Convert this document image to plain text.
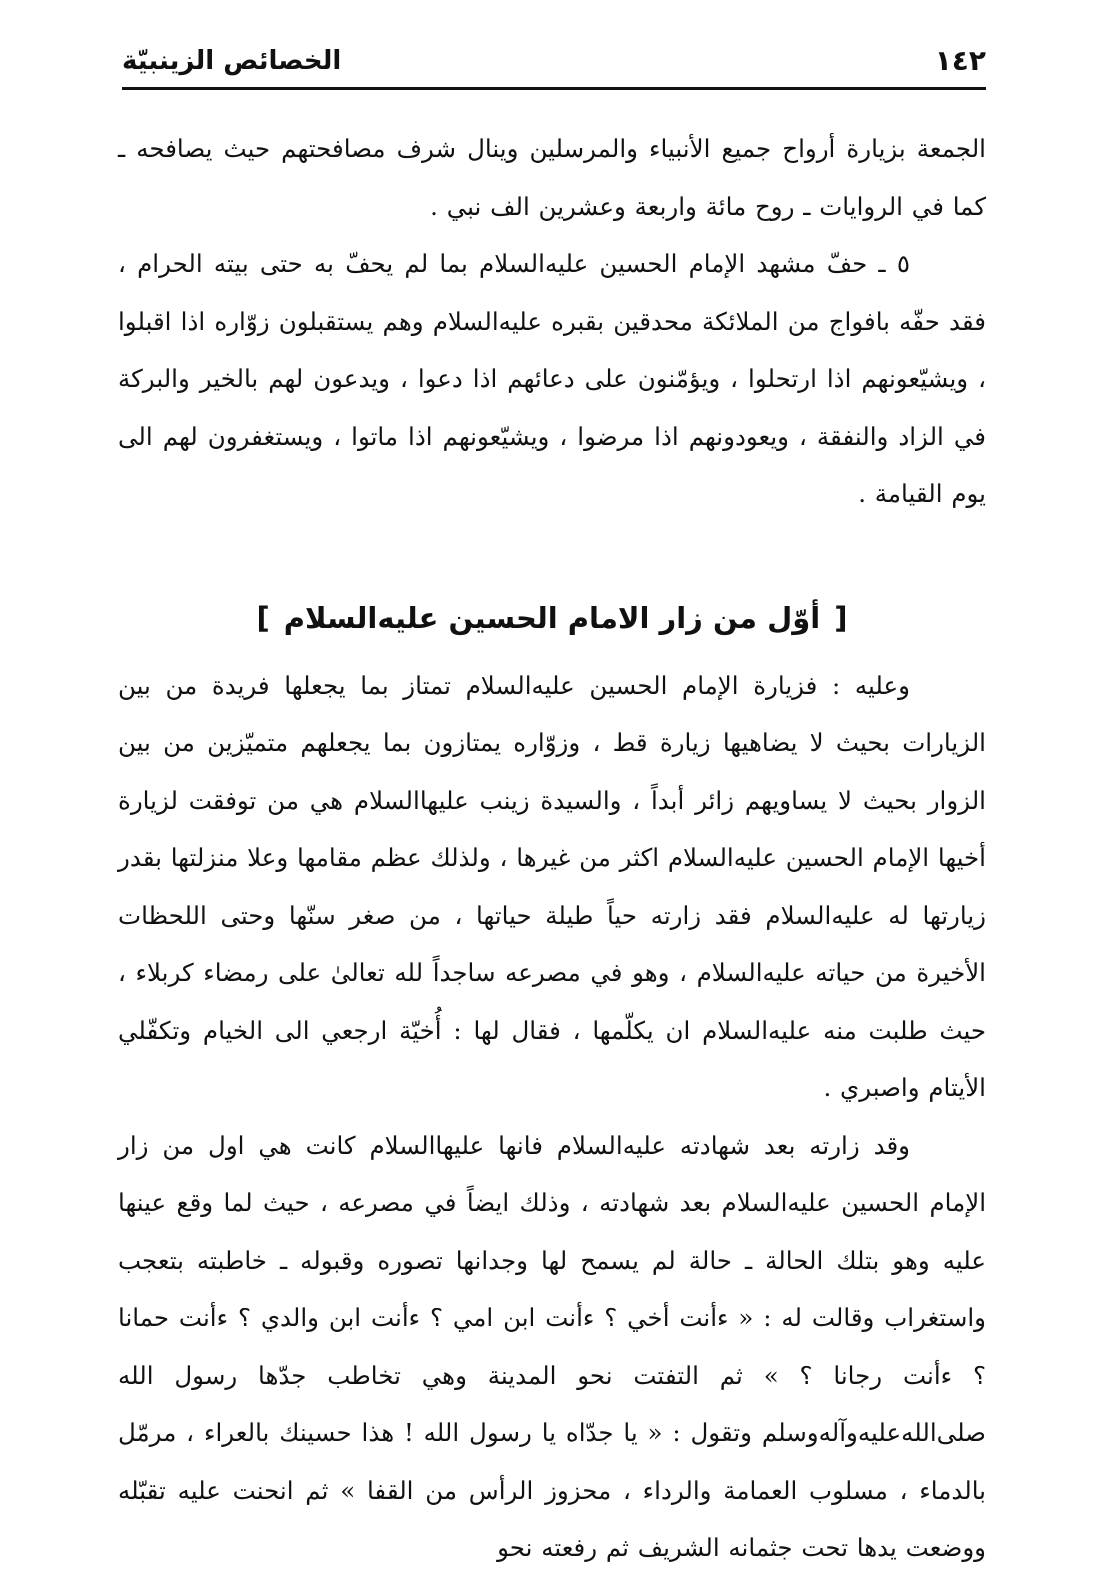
١٤٢
الخصائص الزينبيّة

الجمعة بزيارة أرواح جميع الأنبياء والمرسلين وينال شرف مصافحتهم حيث يصافحه ـ كما في الروايات ـ روح مائة واربعة وعشرين الف نبي .

٥ ـ حفّ مشهد الإمام الحسين عليه‌السلام بما لم يحفّ به حتى بيته الحرام ، فقد حفّه بافواج من الملائكة محدقين بقبره عليه‌السلام وهم يستقبلون زوّاره اذا اقبلوا ، ويشيّعونهم اذا ارتحلوا ، ويؤمّنون على دعائهم اذا دعوا ، ويدعون لهم بالخير والبركة في الزاد والنفقة ، ويعودونهم اذا مرضوا ، ويشيّعونهم اذا ماتوا ، ويستغفرون لهم الى يوم القيامة .

[أوّل من زار الامام الحسين عليه‌السلام]

وعليه : فزيارة الإمام الحسين عليه‌السلام تمتاز بما يجعلها فريدة من بين الزيارات بحيث لا يضاهيها زيارة قط ، وزوّاره يمتازون بما يجعلهم متميّزين من بين الزوار بحيث لا يساويهم زائر أبداً ، والسيدة زينب عليها‌السلام هي من توفقت لزيارة أخيها الإمام الحسين عليه‌السلام اكثر من غيرها ، ولذلك عظم مقامها وعلا منزلتها بقدر زيارتها له عليه‌السلام فقد زارته حياً طيلة حياتها ، من صغر سنّها وحتى اللحظات الأخيرة من حياته عليه‌السلام ، وهو في مصرعه ساجداً لله تعالىٰ على رمضاء كربلاء ، حيث طلبت منه عليه‌السلام ان يكلّمها ، فقال لها : أُخيّة ارجعي الى الخيام وتكفّلي الأيتام واصبري .

وقد زارته بعد شهادته عليه‌السلام فانها عليها‌السلام كانت هي اول من زار الإمام الحسين عليه‌السلام بعد شهادته ، وذلك ايضاً في مصرعه ، حيث لما وقع عينها عليه وهو بتلك الحالة ـ حالة لم يسمح لها وجدانها تصوره وقبوله ـ خاطبته بتعجب واستغراب وقالت له : « ءأنت أخي ؟ ءأنت ابن امي ؟ ءأنت ابن والدي ؟ ءأنت حمانا ؟ ءأنت رجانا ؟ » ثم التفتت نحو المدينة وهي تخاطب جدّها رسول الله صلى‌الله‌عليه‌وآله‌وسلم وتقول : « يا جدّاه يا رسول الله ! هذا حسينك بالعراء ، مرمّل بالدماء ، مسلوب العمامة والرداء ، محزوز الرأس من القفا » ثم انحنت عليه تقبّله ووضعت يدها تحت جثمانه الشريف ثم رفعته نحو
